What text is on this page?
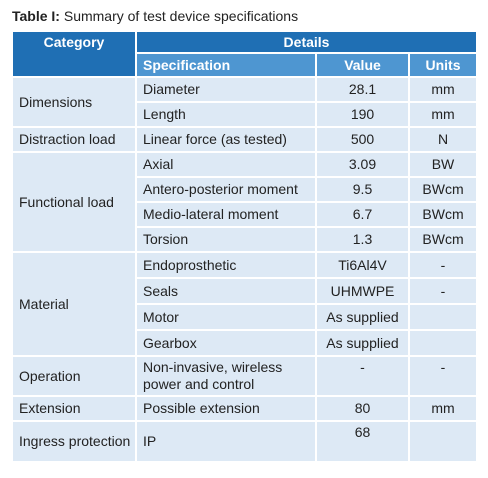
Table I: Summary of test device specifications
Category	Details		
	Specification	Value	Units
Dimensions	Diameter	28.1	mm
	Length	190	mm
Distraction load	Linear force (as tested)	500	N
Functional load	Axial	3.09	BW
	Antero-posterior moment	9.5	BWcm
	Medio-lateral moment	6.7	BWcm
	Torsion	1.3	BWcm
Material	Endoprosthetic	Ti6Al4V	-
	Seals	UHMWPE	-
	Motor	As supplied	
	Gearbox	As supplied	
Operation	Non-invasive, wireless power and control	-	-
Extension	Possible extension	80	mm
Ingress protection	IP	68	
